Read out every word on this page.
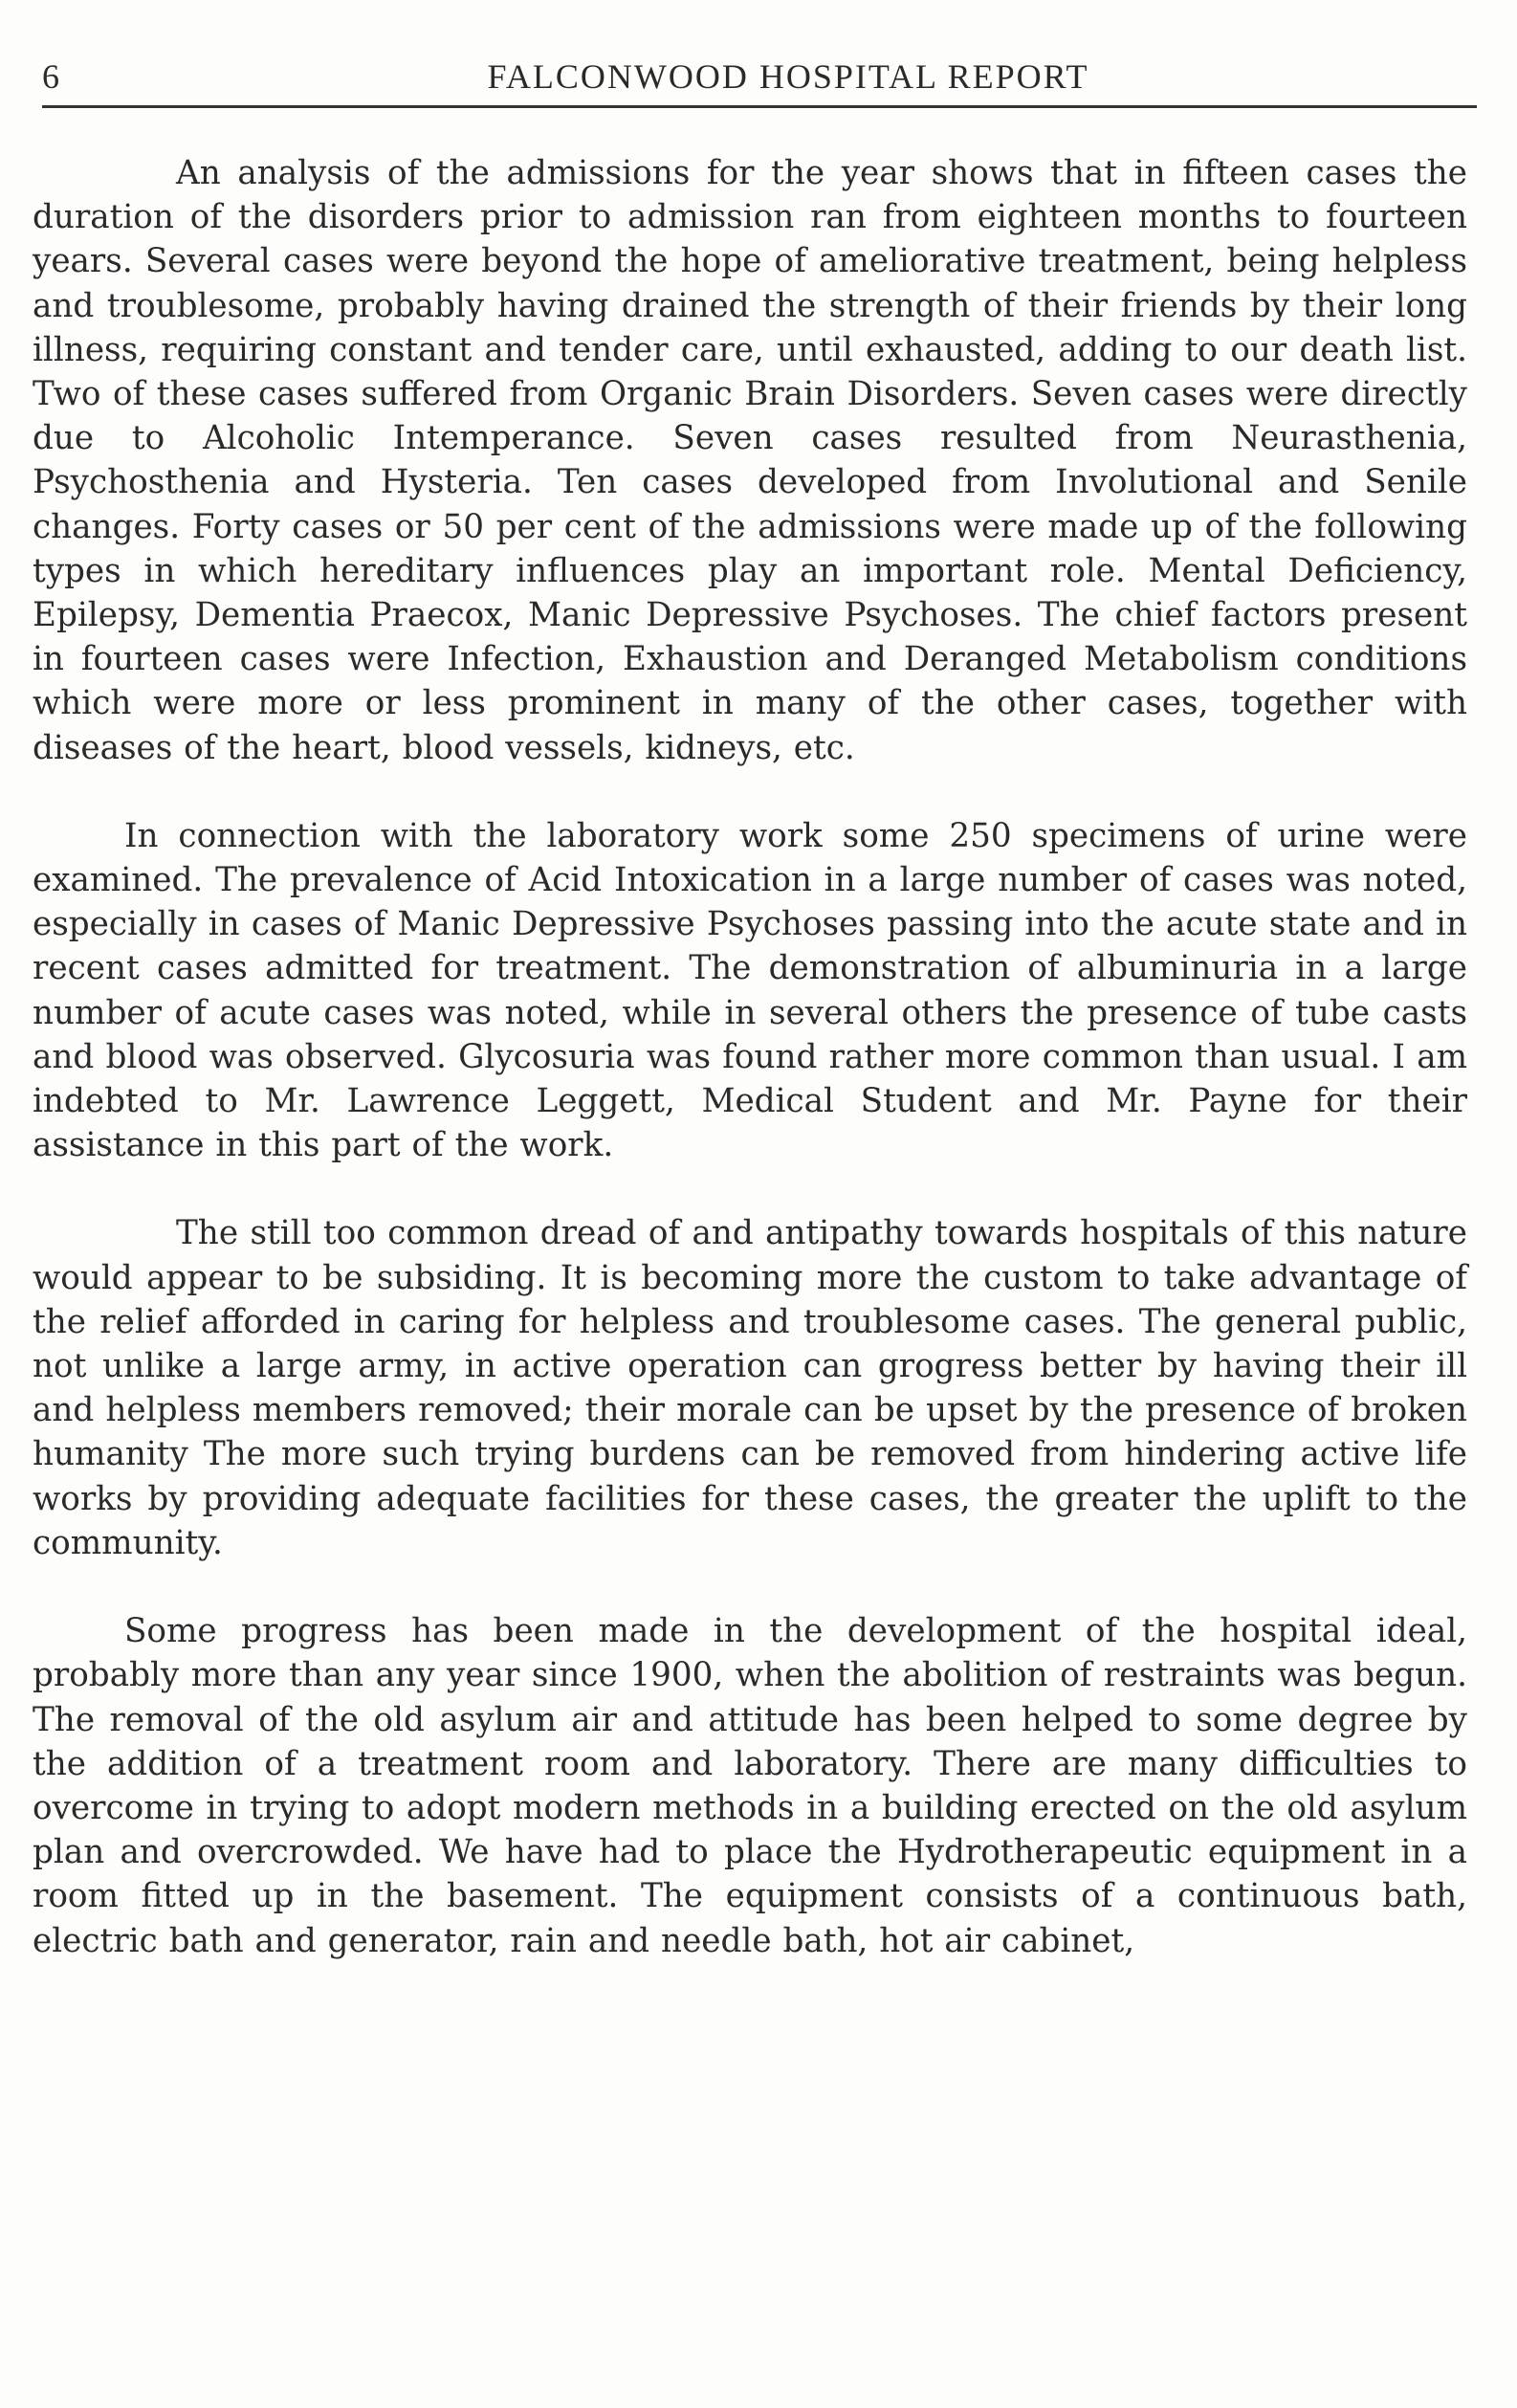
6	FALCONWOOD HOSPITAL REPORT

An analysis of the admissions for the year shows that in fifteen cases the duration of the disorders prior to admission ran from eighteen months to fourteen years. Several cases were beyond the hope of ameliorative treatment, being helpless and troublesome, probably having drained the strength of their friends by their long illness, requiring constant and tender care, until exhausted, adding to our death list. Two of these cases suffered from Organic Brain Disorders. Seven cases were directly due to Alcoholic Intemperance. Seven cases resulted from Neurasthenia, Psychosthenia and Hysteria. Ten cases developed from Involutional and Senile changes. Forty cases or 50 per cent of the admissions were made up of the following types in which hereditary influences play an important role. Mental Deficiency, Epilepsy, Dementia Praecox, Manic Depressive Psychoses. The chief factors present in fourteen cases were Infection, Exhaustion and Deranged Metabolism conditions which were more or less prominent in many of the other cases, together with diseases of the heart, blood vessels, kidneys, etc.

In connection with the laboratory work some 250 specimens of urine were examined. The prevalence of Acid Intoxication in a large number of cases was noted, especially in cases of Manic Depressive Psychoses passing into the acute state and in recent cases admitted for treatment. The demonstration of albuminuria in a large number of acute cases was noted, while in several others the presence of tube casts and blood was observed. Glycosuria was found rather more common than usual. I am indebted to Mr. Lawrence Leggett, Medical Student and Mr. Payne for their assistance in this part of the work.

The still too common dread of and antipathy towards hospitals of this nature would appear to be subsiding. It is becoming more the custom to take advantage of the relief afforded in caring for helpless and troublesome cases. The general public, not unlike a large army, in active operation can grogress better by having their ill and helpless members removed; their morale can be upset by the presence of broken humanity The more such trying burdens can be removed from hindering active life works by providing adequate facilities for these cases, the greater the uplift to the community.

Some progress has been made in the development of the hospital ideal, probably more than any year since 1900, when the abolition of restraints was begun. The removal of the old asylum air and attitude has been helped to some degree by the addition of a treatment room and laboratory. There are many difficulties to overcome in trying to adopt modern methods in a building erected on the old asylum plan and overcrowded. We have had to place the Hydrotherapeutic equipment in a room fitted up in the basement. The equipment consists of a continuous bath, electric bath and generator, rain and needle bath, hot air cabinet,
